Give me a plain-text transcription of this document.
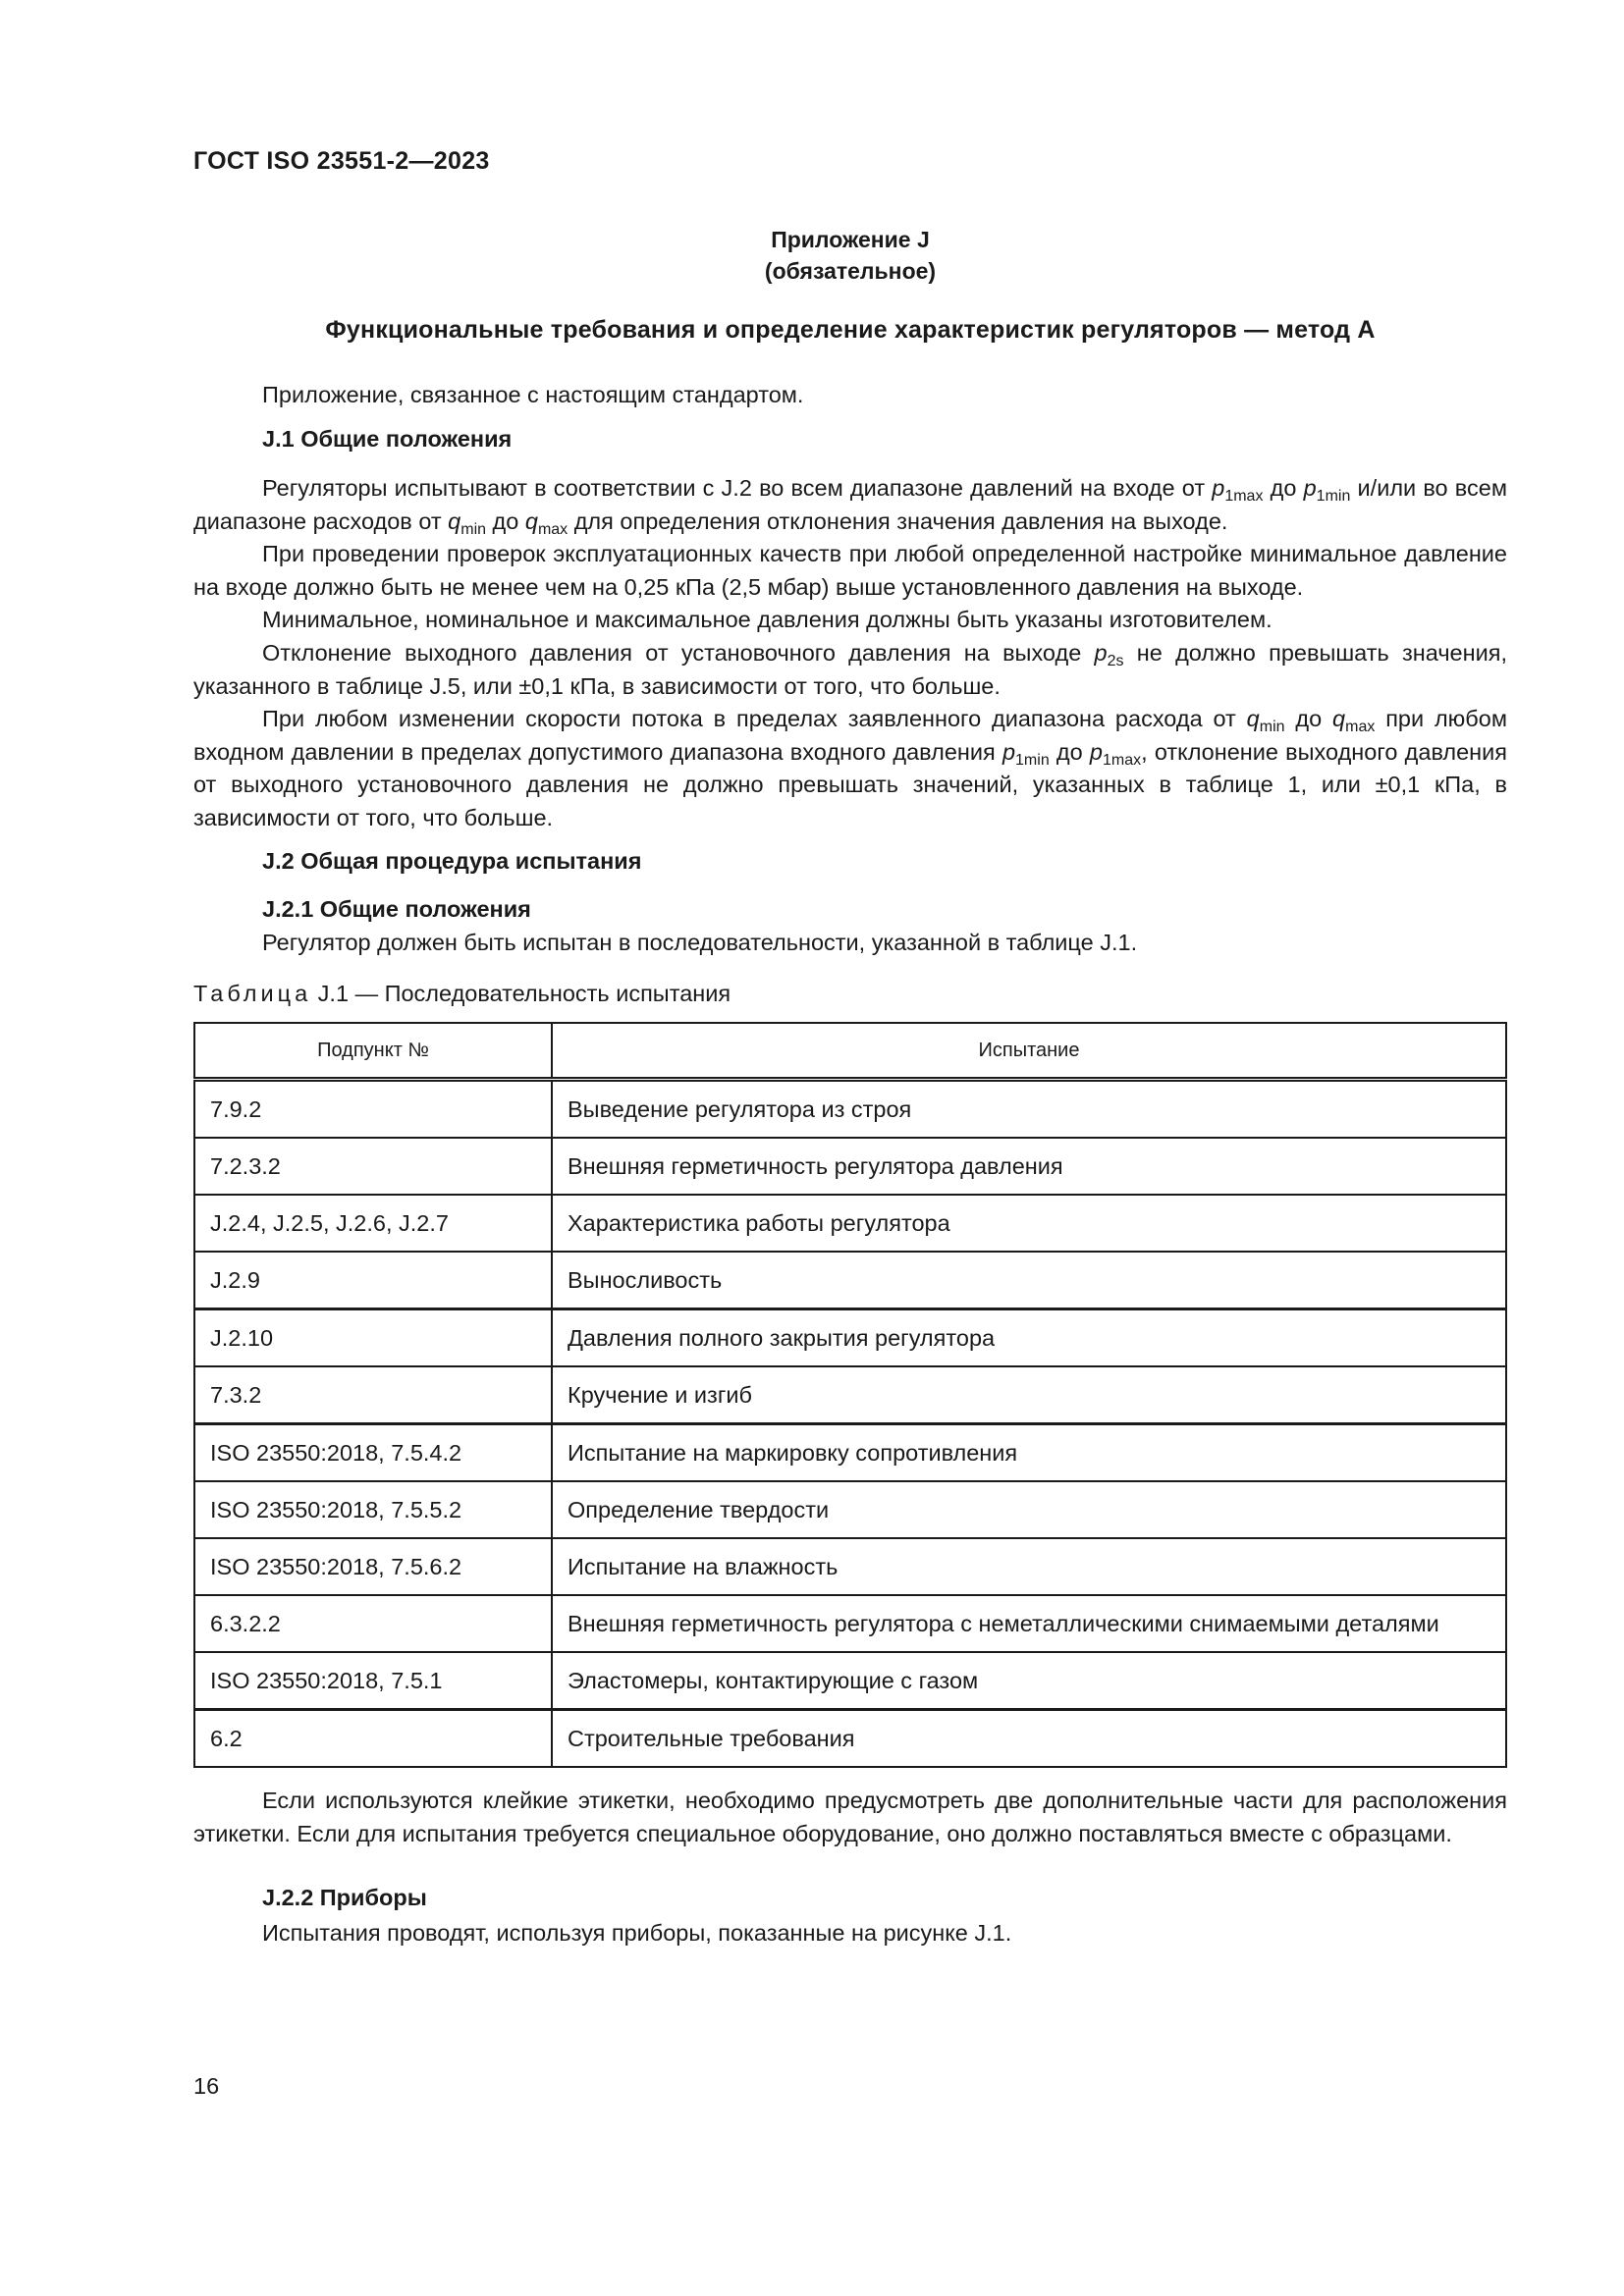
ГОСТ ISO 23551-2—2023
Приложение J
(обязательное)
Функциональные требования и определение характеристик регуляторов — метод A
Приложение, связанное с настоящим стандартом.
J.1 Общие положения
Регуляторы испытывают в соответствии с J.2 во всем диапазоне давлений на входе от $p_{1max}$ до $p_{1min}$ и/или во всем диапазоне расходов от $q_{min}$ до $q_{max}$ для определения отклонения значения давления на выходе.
При проведении проверок эксплуатационных качеств при любой определенной настройке минимальное давление на входе должно быть не менее чем на 0,25 кПа (2,5 мбар) выше установленного давления на выходе.
Минимальное, номинальное и максимальное давления должны быть указаны изготовителем.
Отклонение выходного давления от установочного давления на выходе $p_{2s}$ не должно превышать значения, указанного в таблице J.5, или ±0,1 кПа, в зависимости от того, что больше.
При любом изменении скорости потока в пределах заявленного диапазона расхода от $q_{min}$ до $q_{max}$ при любом входном давлении в пределах допустимого диапазона входного давления $p_{1min}$ до $p_{1max}$, отклонение выходного давления от выходного установочного давления не должно превышать значений, указанных в таблице 1, или ±0,1 кПа, в зависимости от того, что больше.
J.2 Общая процедура испытания
J.2.1 Общие положения
Регулятор должен быть испытан в последовательности, указанной в таблице J.1.
Таблица J.1 — Последовательность испытания
Подпункт №	Испытание
7.9.2	Выведение регулятора из строя
7.2.3.2	Внешняя герметичность регулятора давления
J.2.4, J.2.5, J.2.6, J.2.7	Характеристика работы регулятора
J.2.9	Выносливость
J.2.10	Давления полного закрытия регулятора
7.3.2	Кручение и изгиб
ISO 23550:2018, 7.5.4.2	Испытание на маркировку сопротивления
ISO 23550:2018, 7.5.5.2	Определение твердости
ISO 23550:2018, 7.5.6.2	Испытание на влажность
6.3.2.2	Внешняя герметичность регулятора с неметаллическими снимаемыми деталями
ISO 23550:2018, 7.5.1	Эластомеры, контактирующие с газом
6.2	Строительные требования
Если используются клейкие этикетки, необходимо предусмотреть две дополнительные части для расположения этикетки. Если для испытания требуется специальное оборудование, оно должно поставляться вместе с образцами.
J.2.2 Приборы
Испытания проводят, используя приборы, показанные на рисунке J.1.
16
